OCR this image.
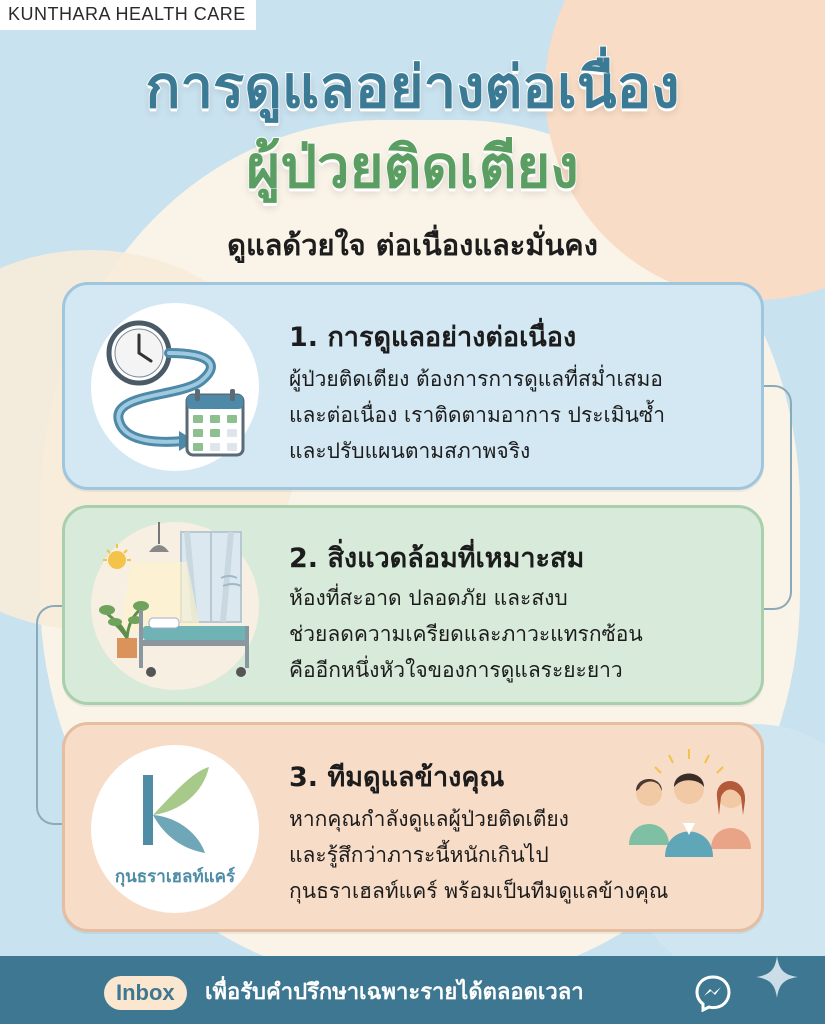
KUNTHARA HEALTH CARE
การดูแลอย่างต่อเนื่อง
ผู้ป่วยติดเตียง
ดูแลด้วยใจ ต่อเนื่องและมั่นคง
1. การดูแลอย่างต่อเนื่อง
ผู้ป่วยติดเตียง ต้องการการดูแลที่สม่ำเสมอ
และต่อเนื่อง เราติดตามอาการ ประเมินซ้ำ
และปรับแผนตามสภาพจริง
2. สิ่งแวดล้อมที่เหมาะสม
ห้องที่สะอาด ปลอดภัย และสงบ
ช่วยลดความเครียดและภาวะแทรกซ้อน
คืออีกหนึ่งหัวใจของการดูแลระยะยาว
กุนธราเฮลท์แคร์
3. ทีมดูแลข้างคุณ
หากคุณกำลังดูแลผู้ป่วยติดเตียง
และรู้สึกว่าภาระนี้หนักเกินไป
กุนธราเฮลท์แคร์ พร้อมเป็นทีมดูแลข้างคุณ
Inbox	เพื่อรับคำปรึกษาเฉพาะรายได้ตลอดเวลา
